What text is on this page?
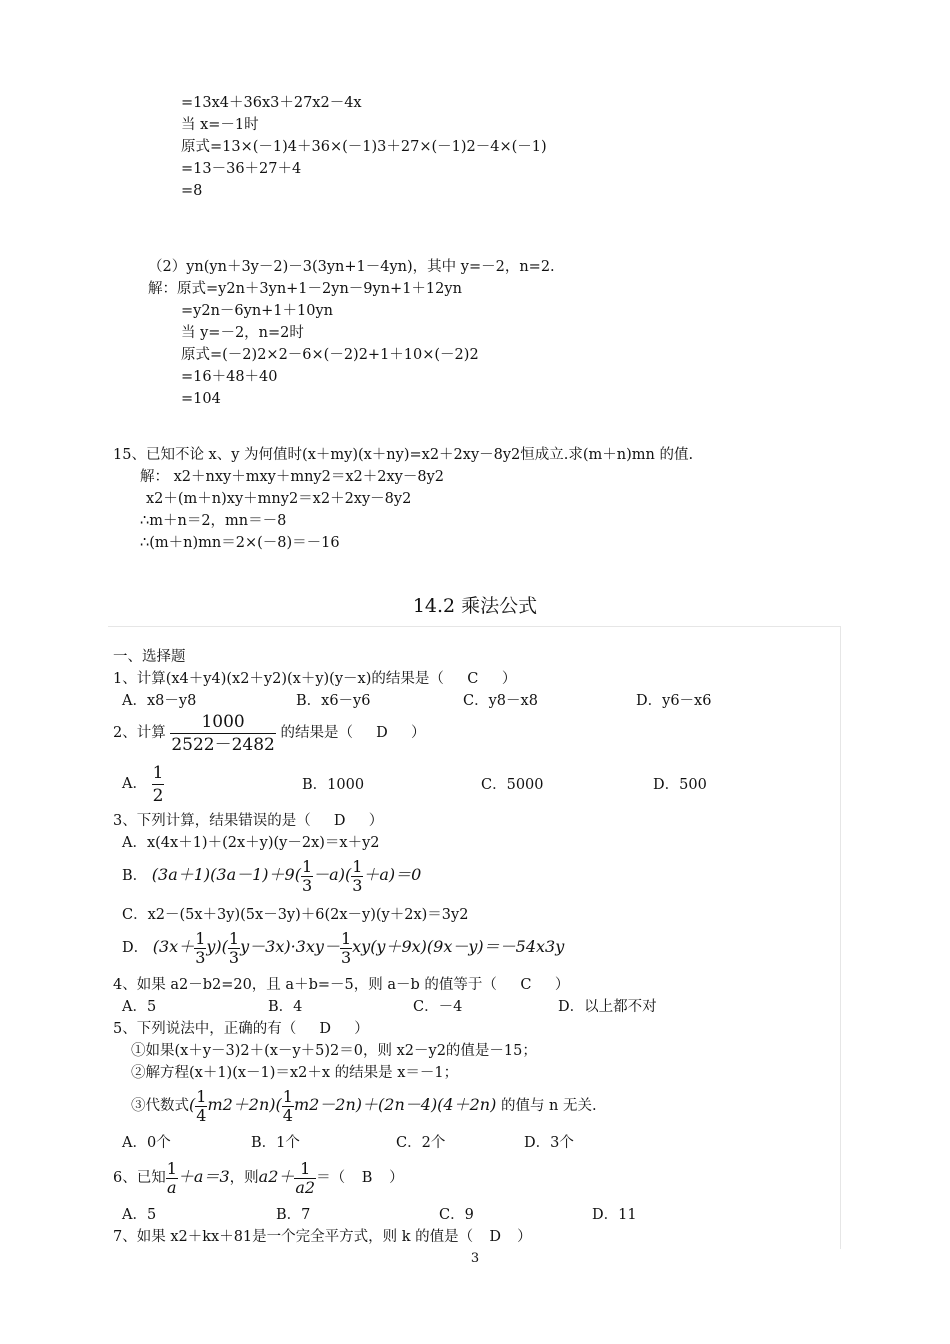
=13x4＋36x3＋27x2－4x
当 x=－1时
原式=13×(－1)4＋36×(－1)3＋27×(－1)2－4×(－1)
=13－36＋27＋4
=8
（2）yn(yn＋3y－2)－3(3yn+1－4yn)，其中 y=－2，n=2.
解：原式=y2n＋3yn+1－2yn－9yn+1＋12yn
=y2n－6yn+1＋10yn
当 y=－2，n=2时
原式=(－2)2×2－6×(－2)2+1＋10×(－2)2
=16＋48＋40
=104
15、已知不论 x、y 为何值时(x＋my)(x＋ny)=x2＋2xy－8y2恒成立.求(m＋n)mn 的值.
解： x2＋nxy＋mxy＋mny2＝x2＋2xy－8y2
x2＋(m＋n)xy＋mny2＝x2＋2xy－8y2
∴m＋n＝2，mn＝－8
∴(m＋n)mn＝2×(－8)＝－16
14.2 乘法公式
一、选择题
1、计算(x4＋y4)(x2＋y2)(x＋y)(y－x)的结果是（ C ）
A．x8－y8	B．x6－y6	C．y8－x8	D．y6－x6
2、计算 $\frac{1000}{2522-2482}$ 的结果是（ D ）
A． $\frac{1}{2}$	B．1000	C．5000	D．500
3、下列计算，结果错误的是（ D ）
A．x(4x＋1)＋(2x＋y)(y－2x)＝x＋y2
B． $(3a+1)(3a-1)+9( \frac{1}{3} -a)( \frac{1}{3} +a)=0$
C．x2－(5x＋3y)(5x－3y)＋6(2x－y)(y＋2x)＝3y2
D． $(3x+ \frac{1}{3} y)( \frac{1}{3} y-3x)\cdot 3xy- \frac{1}{3} xy(y+9x)(9x-y)=-54x3y$
4、如果 a2－b2=20，且 a＋b=－5，则 a－b 的值等于（ C ）
A．5	B．4	C．－4	D．以上都不对
5、下列说法中，正确的有（ D ）
①如果(x＋y－3)2＋(x－y＋5)2＝0，则 x2－y2的值是－15；
②解方程(x＋1)(x－1)＝x2＋x 的结果是 x＝－1；
③代数式( $\frac{1}{4} m2+2n)( \frac{1}{4} m2-2n)+(2n-4)(4+2n)$ 的值与 n 无关.
A．0个	B．1个	C．2个	D．3个
6、已知 $\frac{1}{a} +a=3$，则$a2+ \frac{1}{a2}$ ＝（ B ）
A．5	B．7	C．9	D．11
7、如果 x2＋kx＋81是一个完全平方式，则 k 的值是（ D ）
3
